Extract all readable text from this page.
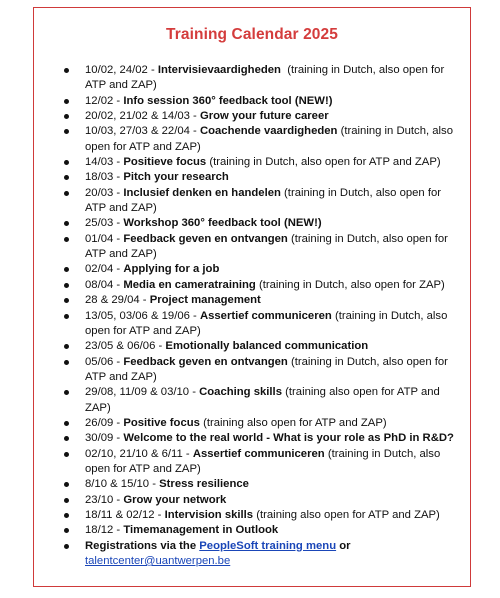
Training Calendar 2025
10/02, 24/02 - Intervisievaardigheden (training in Dutch, also open for ATP and ZAP)
12/02 - Info session 360° feedback tool (NEW!)
20/02, 21/02 & 14/03 - Grow your future career
10/03, 27/03 & 22/04 - Coachende vaardigheden (training in Dutch, also open for ATP and ZAP)
14/03 - Positieve focus (training in Dutch, also open for ATP and ZAP)
18/03 - Pitch your research
20/03 - Inclusief denken en handelen (training in Dutch, also open for ATP and ZAP)
25/03 - Workshop 360° feedback tool (NEW!)
01/04 - Feedback geven en ontvangen (training in Dutch, also open for ATP and ZAP)
02/04 - Applying for a job
08/04 - Media en cameratraining (training in Dutch, also open for ZAP)
28 & 29/04 - Project management
13/05, 03/06 & 19/06 - Assertief communiceren (training in Dutch, also open for ATP and ZAP)
23/05 & 06/06 - Emotionally balanced communication
05/06 - Feedback geven en ontvangen (training in Dutch, also open for ATP and ZAP)
29/08, 11/09 & 03/10 - Coaching skills (training also open for ATP and ZAP)
26/09 - Positive focus (training also open for ATP and ZAP)
30/09 - Welcome to the real world - What is your role as PhD in R&D?
02/10, 21/10 & 6/11 - Assertief communiceren (training in Dutch, also open for ATP and ZAP)
8/10 & 15/10 - Stress resilience
23/10 - Grow your network
18/11 & 02/12 - Intervision skills (training also open for ATP and ZAP)
18/12 - Timemanagement in Outlook
Registrations via the PeopleSoft training menu or
talentcenter@uantwerpen.be
